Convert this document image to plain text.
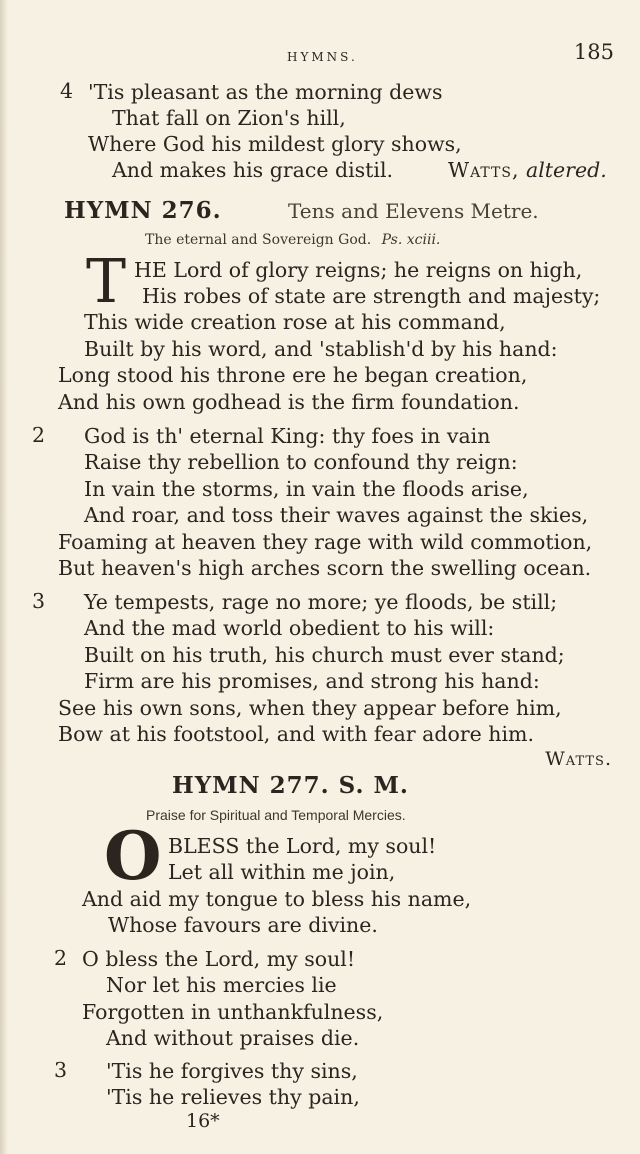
HYMNS.	185
4 'Tis pleasant as the morning dews
That fall on Zion's hill,
Where God his mildest glory shows,
And makes his grace distil.	Watts, altered.
HYMN 276.	Tens and Elevens Metre.
The eternal and Sovereign God. Ps. xciii.
T HE Lord of glory reigns; he reigns on high,
His robes of state are strength and majesty;
This wide creation rose at his command,
Built by his word, and 'stablish'd by his hand:
Long stood his throne ere he began creation,
And his own godhead is the firm foundation.
2 God is th' eternal King: thy foes in vain
Raise thy rebellion to confound thy reign:
In vain the storms, in vain the floods arise,
And roar, and toss their waves against the skies,
Foaming at heaven they rage with wild commotion,
But heaven's high arches scorn the swelling ocean.
3 Ye tempests, rage no more; ye floods, be still;
And the mad world obedient to his will:
Built on his truth, his church must ever stand;
Firm are his promises, and strong his hand:
See his own sons, when they appear before him,
Bow at his footstool, and with fear adore him.
Watts.
HYMN 277. S. M.
Praise for Spiritual and Temporal Mercies.
O BLESS the Lord, my soul!
Let all within me join,
And aid my tongue to bless his name,
Whose favours are divine.
2 O bless the Lord, my soul!
Nor let his mercies lie
Forgotten in unthankfulness,
And without praises die.
3 'Tis he forgives thy sins,
'Tis he relieves thy pain,
16*
